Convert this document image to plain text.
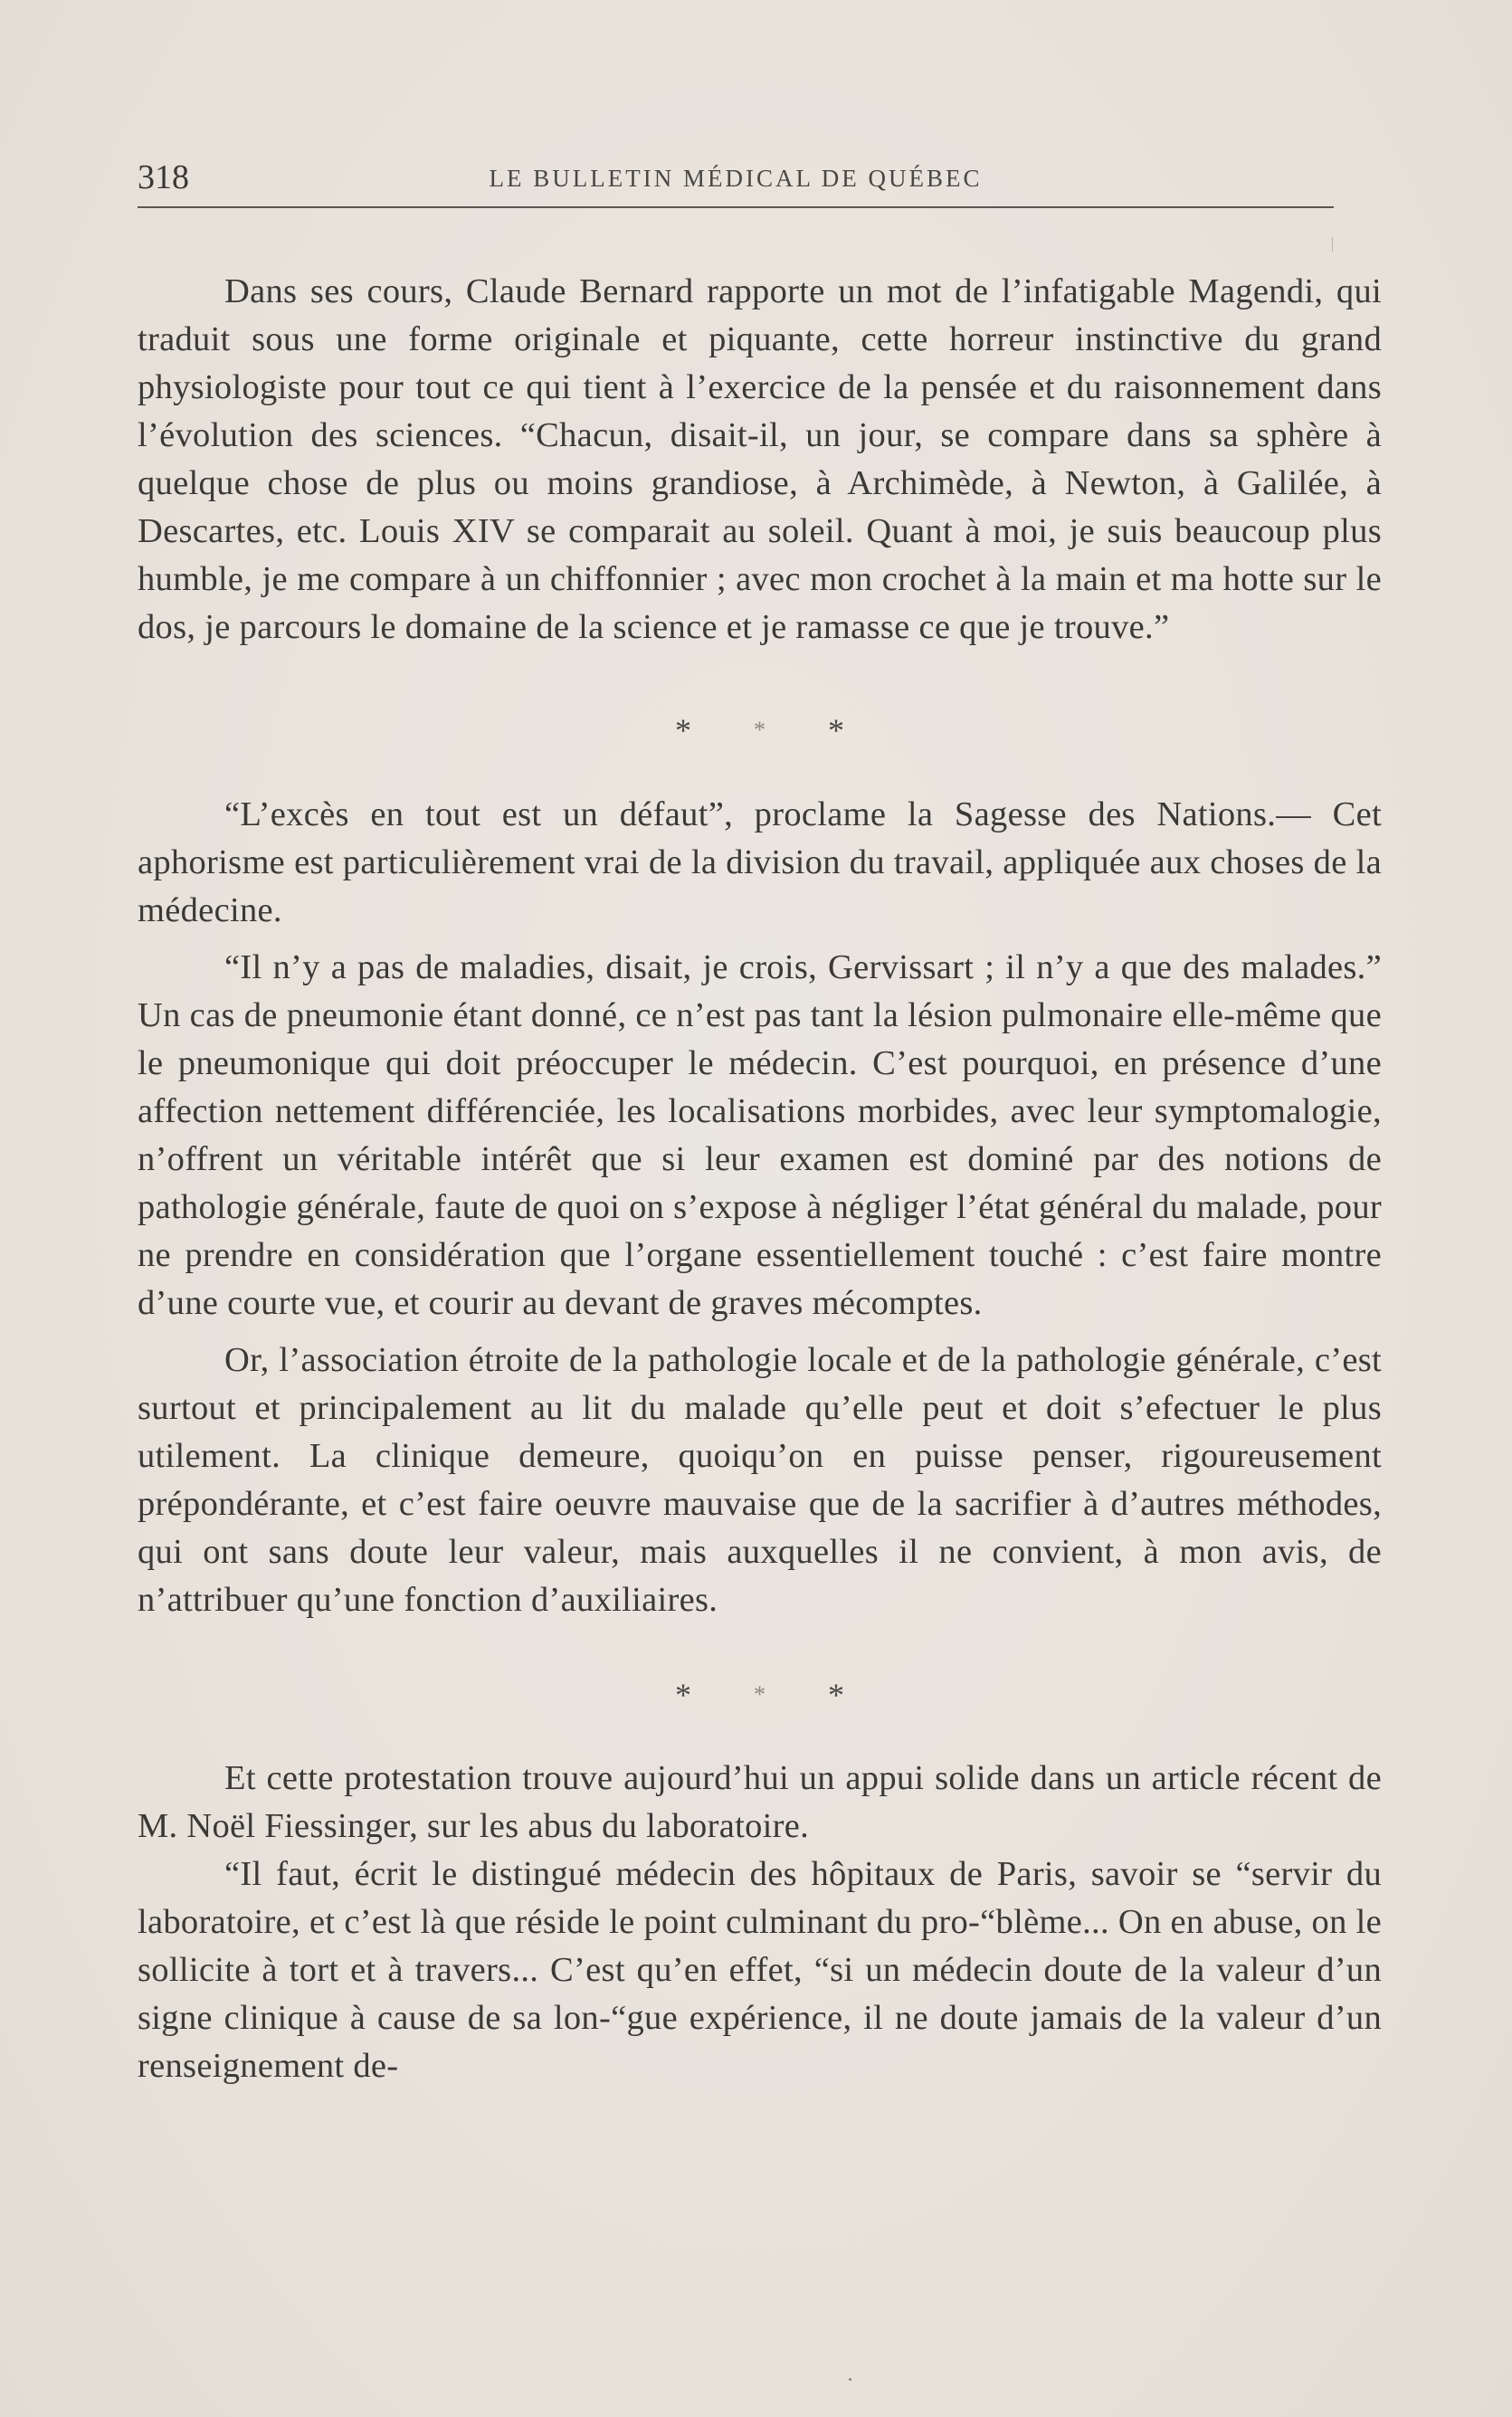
318	LE BULLETIN MÉDICAL DE QUÉBEC

Dans ses cours, Claude Bernard rapporte un mot de l’infatigable Magendi, qui traduit sous une forme originale et piquante, cette horreur instinctive du grand physiologiste pour tout ce qui tient à l’exercice de la pensée et du raisonnement dans l’évolution des sciences. “Chacun, disait-il, un jour, se compare dans sa sphère à quelque chose de plus ou moins grandiose, à Archimède, à Newton, à Galilée, à Descartes, etc. Louis XIV se comparait au soleil. Quant à moi, je suis beaucoup plus humble, je me compare à un chiffonnier ; avec mon crochet à la main et ma hotte sur le dos, je parcours le domaine de la science et je ramasse ce que je trouve.”

* * *

“L’excès en tout est un défaut”, proclame la Sagesse des Nations.— Cet aphorisme est particulièrement vrai de la division du travail, appliquée aux choses de la médecine.

“Il n’y a pas de maladies, disait, je crois, Gervissart ; il n’y a que des malades.” Un cas de pneumonie étant donné, ce n’est pas tant la lésion pulmonaire elle-même que le pneumonique qui doit préoccuper le médecin. C’est pourquoi, en présence d’une affection nettement différenciée, les localisations morbides, avec leur symptomalogie, n’offrent un véritable intérêt que si leur examen est dominé par des notions de pathologie générale, faute de quoi on s’expose à négliger l’état général du malade, pour ne prendre en considération que l’organe essentiellement touché : c’est faire montre d’une courte vue, et courir au devant de graves mécomptes.

Or, l’association étroite de la pathologie locale et de la pathologie générale, c’est surtout et principalement au lit du malade qu’elle peut et doit s’efectuer le plus utilement. La clinique demeure, quoiqu’on en puisse penser, rigoureusement prépondérante, et c’est faire oeuvre mauvaise que de la sacrifier à d’autres méthodes, qui ont sans doute leur valeur, mais auxquelles il ne convient, à mon avis, de n’attribuer qu’une fonction d’auxiliaires.

* * *

Et cette protestation trouve aujourd’hui un appui solide dans un article récent de M. Noël Fiessinger, sur les abus du laboratoire.

“Il faut, écrit le distingué médecin des hôpitaux de Paris, savoir se “servir du laboratoire, et c’est là que réside le point culminant du pro-“blème... On en abuse, on le sollicite à tort et à travers... C’est qu’en effet, “si un médecin doute de la valeur d’un signe clinique à cause de sa lon-“gue expérience, il ne doute jamais de la valeur d’un renseignement de-
